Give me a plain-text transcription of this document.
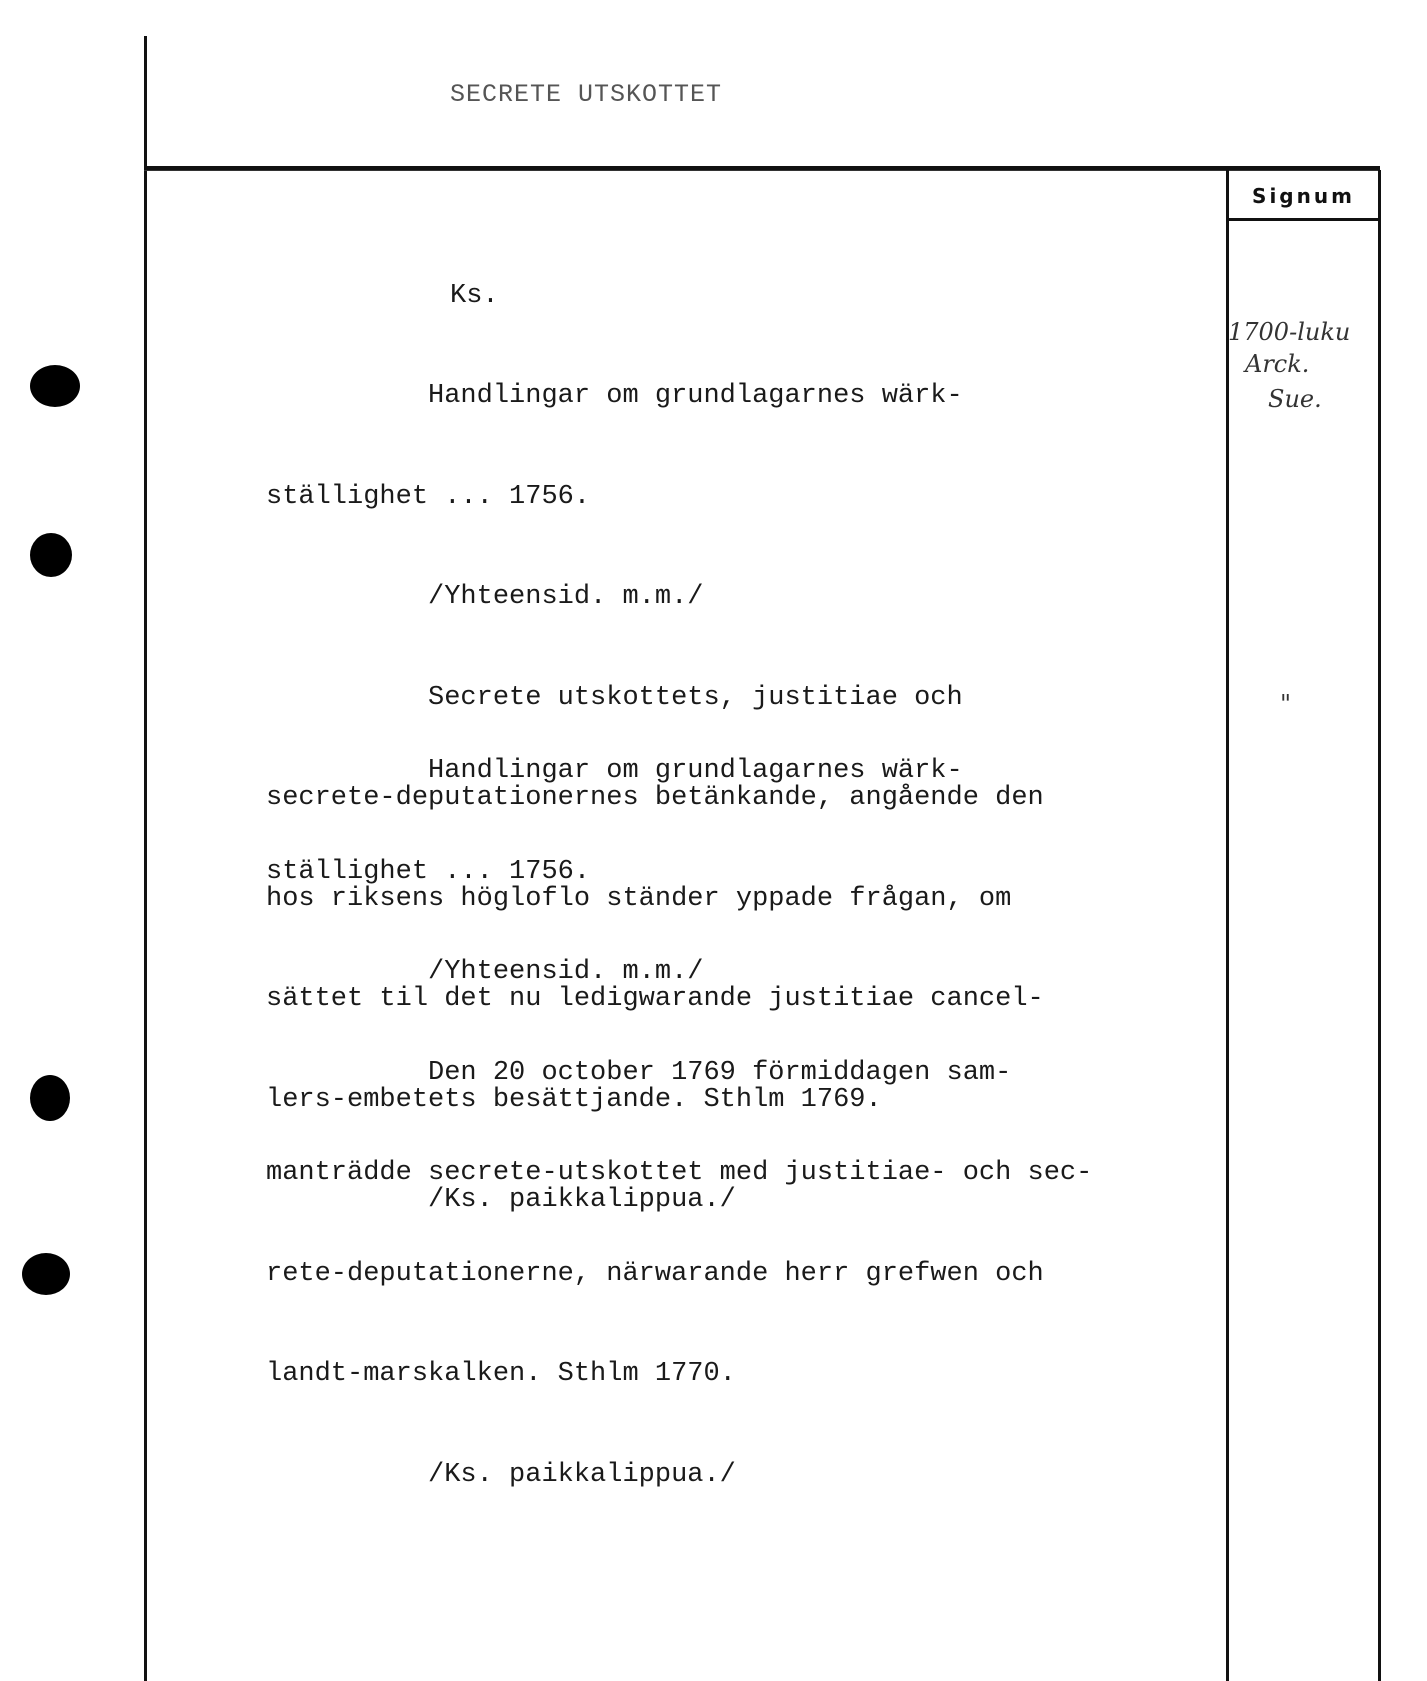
SECRETE UTSKOTTET
Signum
Ks.

Handlingar om grundlagarnes wärk-

ställighet ... 1756.

/Yhteensid. m.m./

Secrete utskottets, justitiae och

secrete-deputationernes betänkande, angående den

hos riksens högloflo ständer yppade frågan, om

sättet til det nu ledigwarande justitiae cancel-

lers-embetets besättjande. Sthlm 1769.

/Ks. paikkalippua./

Handlingar om grundlagarnes wärk-

ställighet ... 1756.

/Yhteensid. m.m./

Den 20 october 1769 förmiddagen sam-

manträdde secrete-utskottet med justitiae- och sec-

rete-deputationerne, närwarande herr grefwen och

landt-marskalken. Sthlm 1770.

/Ks. paikkalippua./

1700-luku
Arck.
Sue.
"
